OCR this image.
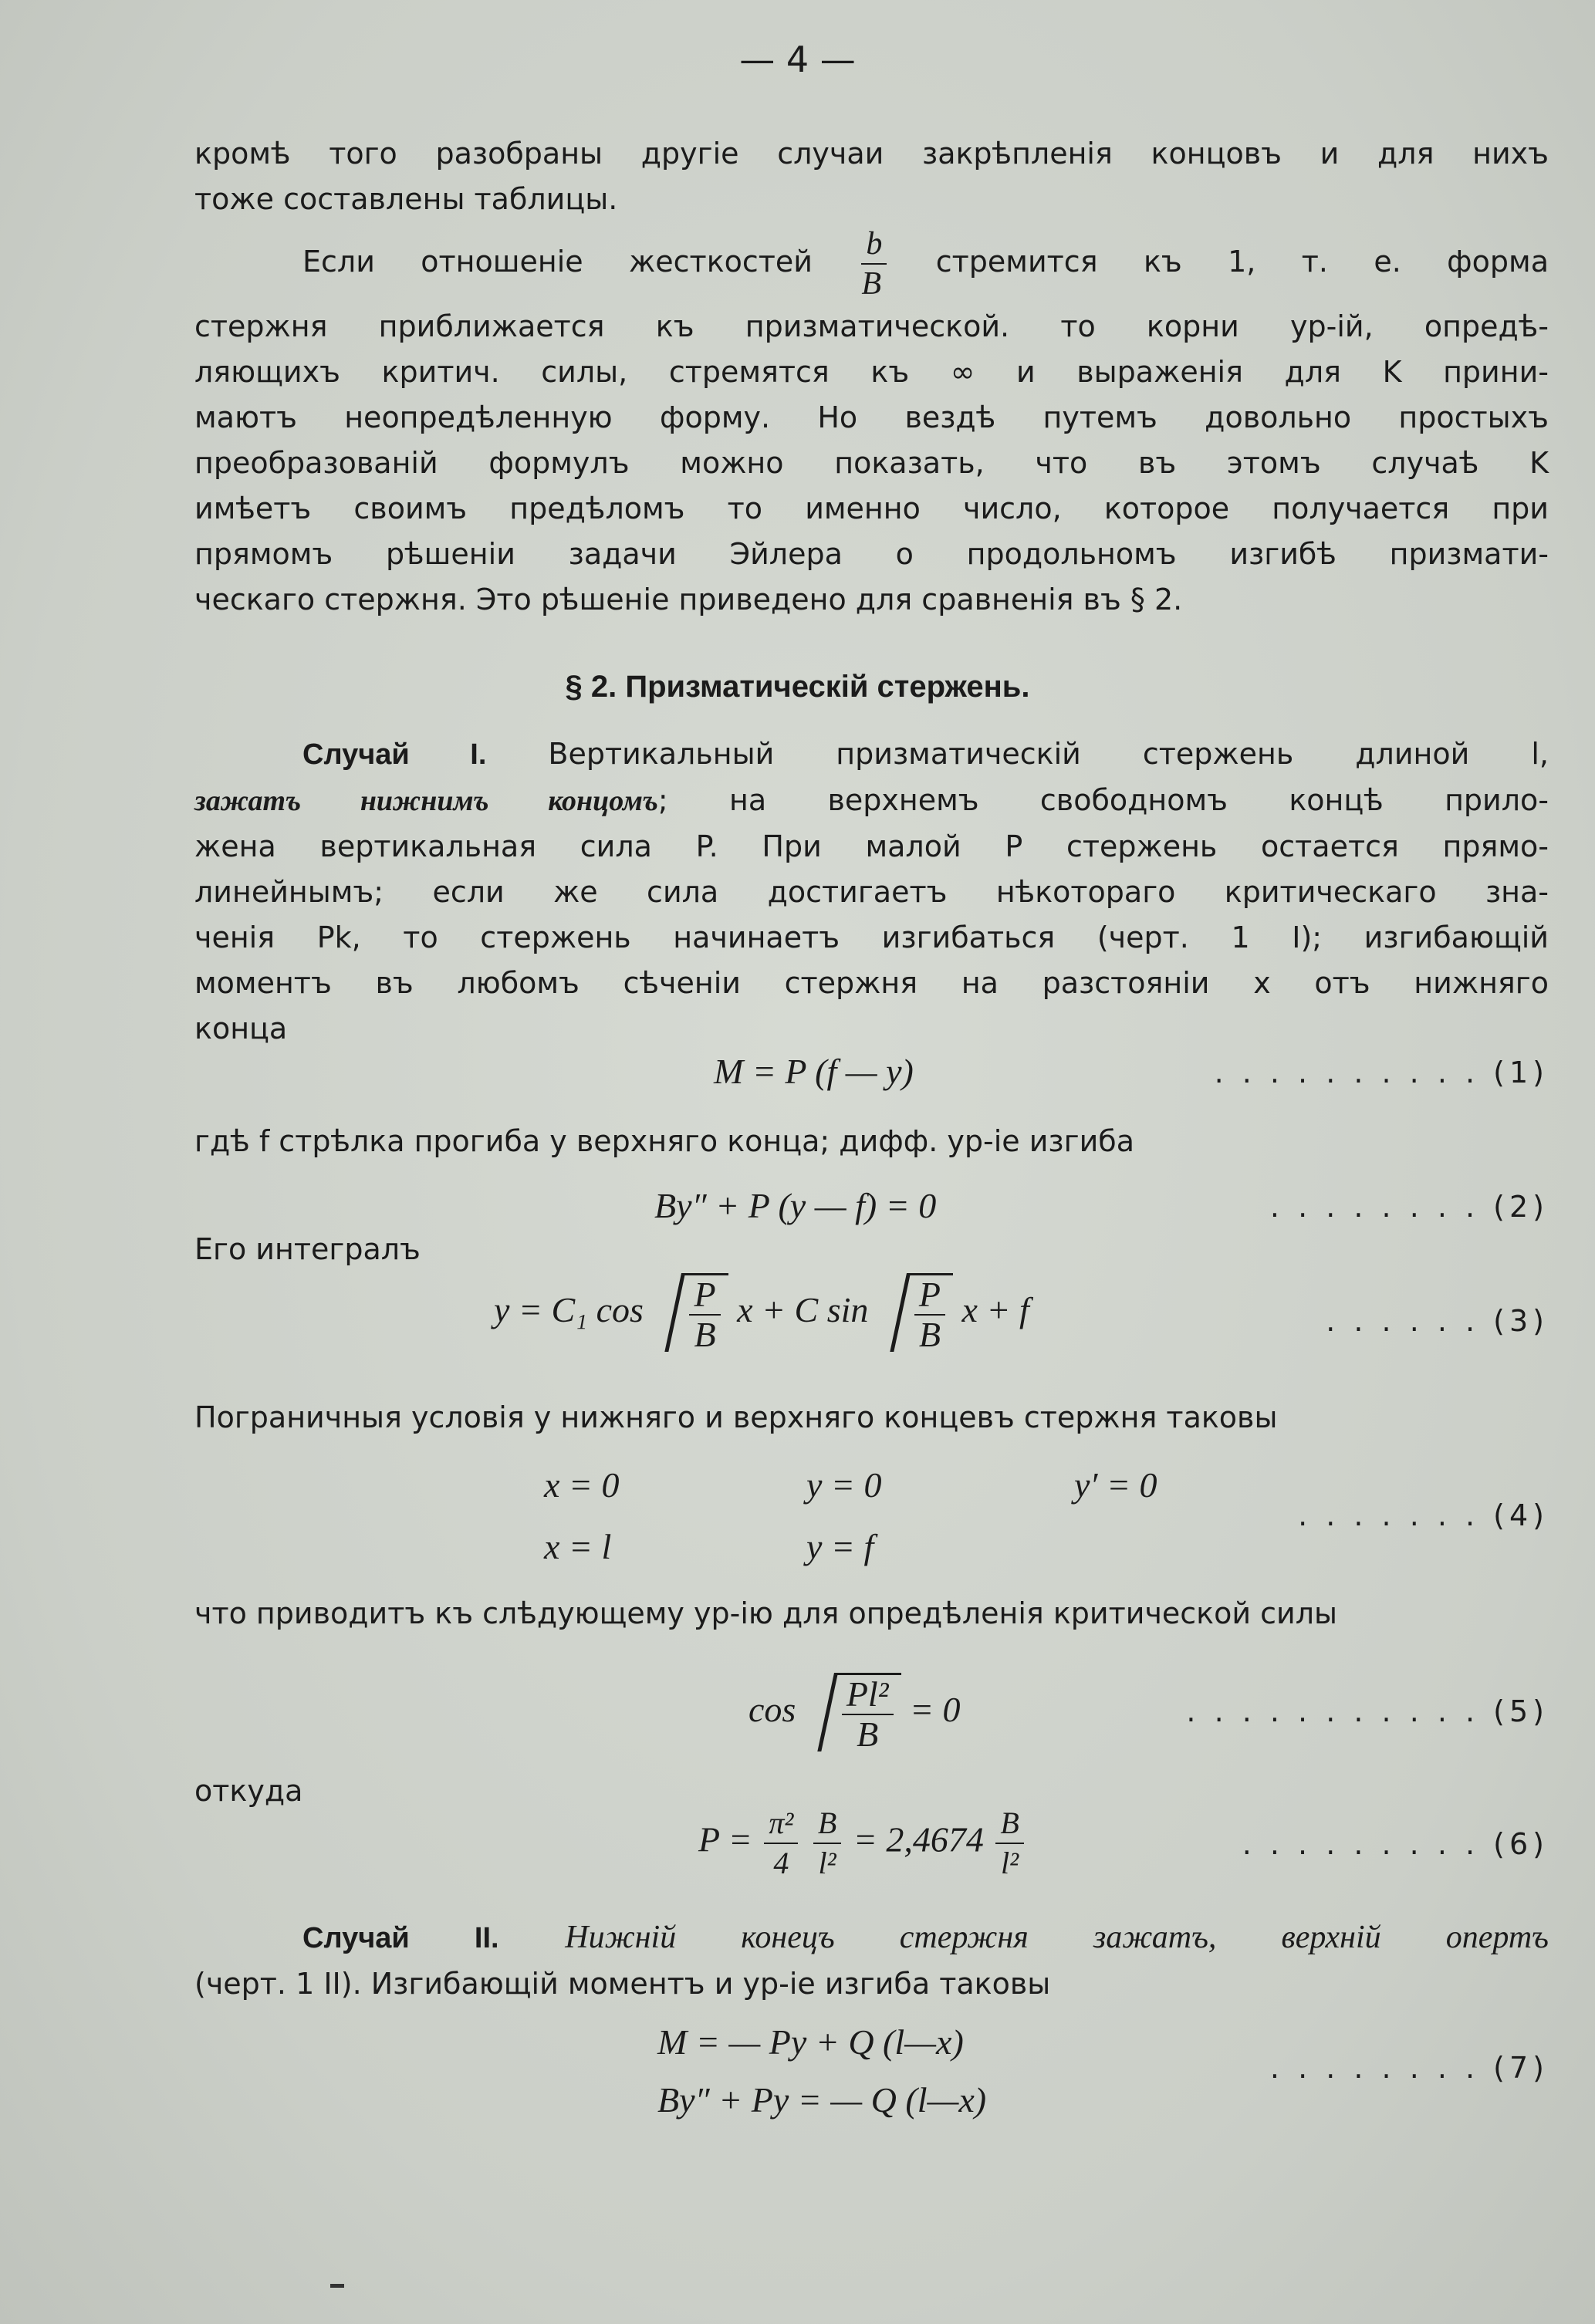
— 4 —
кромѣ того разобраны другіе случаи закрѣпленія концовъ и для нихъ
тоже составлены таблицы.
Если отношеніе жесткостей $\frac{b}{B}$ стремится къ 1, т. е. форма
стержня приближается къ призматической. то корни ур-ій, опредѣ-
ляющихъ критич. силы, стремятся къ ∞ и выраженія для K прини-
маютъ неопредѣленную форму. Но вездѣ путемъ довольно простыхъ
преобразованій формулъ можно показать, что въ этомъ случаѣ K
имѣетъ своимъ предѣломъ то именно число, которое получается при
прямомъ рѣшеніи задачи Эйлера о продольномъ изгибѣ призмати-
ческаго стержня. Это рѣшеніе приведено для сравненія въ § 2.
§ 2. Призматическій стержень.
Случай I. Вертикальный призматическій стержень длиной l,
зажатъ нижнимъ концомъ; на верхнемъ свободномъ концѣ прило-
жена вертикальная сила P. При малой P стержень остается прямо-
линейнымъ; если же сила достигаетъ нѣкотораго критическаго зна-
ченія Pk, то стержень начинаетъ изгибаться (черт. 1 I); изгибающій
моментъ въ любомъ сѣченіи стержня на разстояніи x отъ нижняго
конца
M = P (f — y)	. . . . . . . . . . (1)
гдѣ f стрѣлка прогиба у верхняго конца; дифф. ур-іе изгиба
By″ + P (y — f) = 0	. . . . . . . . (2)
Его интегралъ
y = C₁ $\cos \frac{P}{B}$ x + C $\sin \frac{P}{B}$ x + f	. . . . . . (3)
Пограничныя условія у нижняго и верхняго концевъ стержня таковы
x = 0	y = 0	y′ = 0
x = l	y = f
. . . . . . . (4)
что приводитъ къ слѣдующему ур-ію для опредѣленія критической силы
$\cos \frac{\text{Pl²}}{B} = 0$	. . . . . . . . . . . (5)
откуда
$P = \frac{\text{π²}}{4}$
$\frac{B}{\text{l²}} = 2,4674 \frac{B}{\text{l²}}$	. . . . . . . . . (6)
Случай II. Нижній конецъ стержня зажатъ, верхній опертъ
(черт. 1 II). Изгибающій моментъ и ур-іе изгиба таковы
M = — Py + Q (l—x)
By″ + Py = — Q (l—x)
. . . . . . . . (7)
